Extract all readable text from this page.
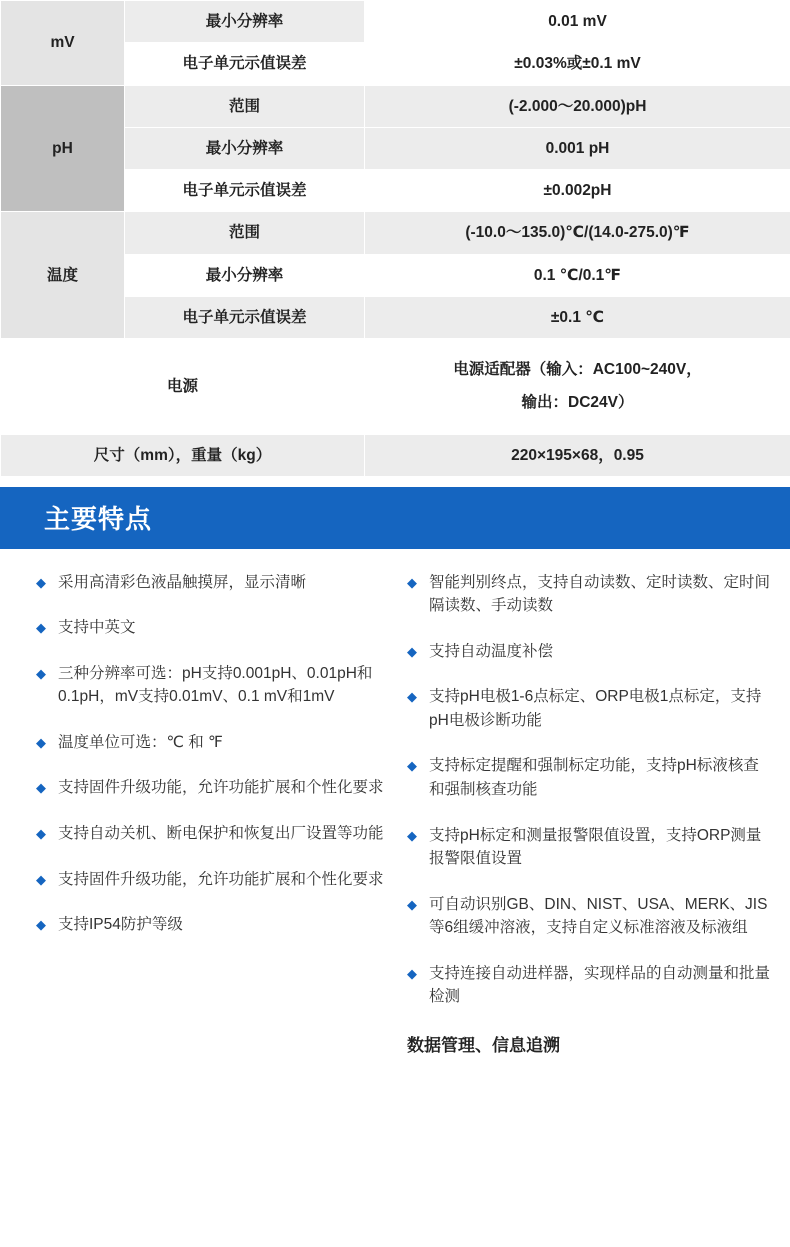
mV	最小分辨率	0.01 mV
	电子单元示值误差	±0.03%或±0.1 mV
pH	范围	(-2.000～20.000)pH
	最小分辨率	0.001 pH
	电子单元示值误差	±0.002pH
温度	范围	(-10.0～135.0)℃/(14.0-275.0)℉
	最小分辨率	0.1 ℃/0.1℉
	电子单元示值误差	±0.1 ℃
电源		电源适配器（输入：AC100~240V，
输出：DC24V）

尺寸（mm），重量（kg）		220×195×68，0.95
主要特点
◆ 采用高清彩色液晶触摸屏，显示清晰
◆ 支持中英文
◆ 三种分辨率可选：pH支持0.001pH、0.01pH和0.1pH，mV支持0.01mV、0.1 mV和1mV
◆ 温度单位可选：℃ 和 ℉
◆ 支持固件升级功能，允许功能扩展和个性化要求
◆ 支持自动关机、断电保护和恢复出厂设置等功能
◆ 支持固件升级功能，允许功能扩展和个性化要求
◆ 支持IP54防护等级
◆ 智能判别终点，支持自动读数、定时读数、定时间隔读数、手动读数
◆ 支持自动温度补偿
◆ 支持pH电极1-6点标定、ORP电极1点标定，支持pH电极诊断功能
◆ 支持标定提醒和强制标定功能，支持pH标液核查和强制核查功能
◆ 支持pH标定和测量报警限值设置，支持ORP测量报警限值设置
◆ 可自动识别GB、DIN、NIST、USA、MERK、JIS等6组缓冲溶液，支持自定义标准溶液及标液组
◆ 支持连接自动进样器，实现样品的自动测量和批量检测
数据管理、信息追溯
